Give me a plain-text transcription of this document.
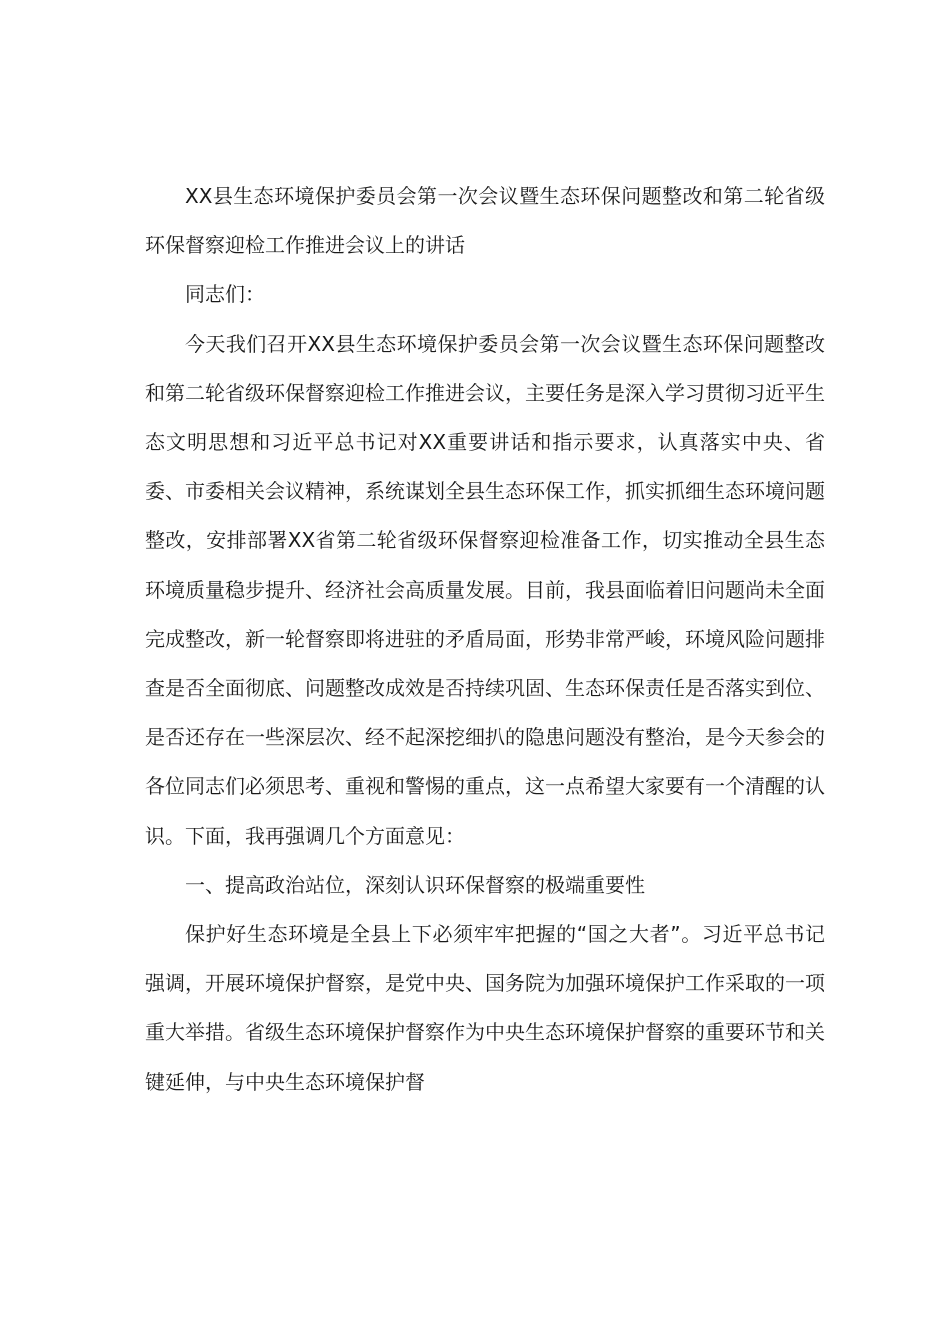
XX县生态环境保护委员会第一次会议暨生态环保问题整改和第二轮省级环保督察迎检工作推进会议上的讲话

同志们：

今天我们召开XX县生态环境保护委员会第一次会议暨生态环保问题整改和第二轮省级环保督察迎检工作推进会议，主要任务是深入学习贯彻习近平生态文明思想和习近平总书记对XX重要讲话和指示要求，认真落实中央、省委、市委相关会议精神，系统谋划全县生态环保工作，抓实抓细生态环境问题整改，安排部署XX省第二轮省级环保督察迎检准备工作，切实推动全县生态环境质量稳步提升、经济社会高质量发展。目前，我县面临着旧问题尚未全面完成整改，新一轮督察即将进驻的矛盾局面，形势非常严峻，环境风险问题排查是否全面彻底、问题整改成效是否持续巩固、生态环保责任是否落实到位、是否还存在一些深层次、经不起深挖细扒的隐患问题没有整治，是今天参会的各位同志们必须思考、重视和警惕的重点，这一点希望大家要有一个清醒的认识。下面，我再强调几个方面意见：

一、提高政治站位，深刻认识环保督察的极端重要性

保护好生态环境是全县上下必须牢牢把握的“国之大者”。习近平总书记强调，开展环境保护督察，是党中央、国务院为加强环境保护工作采取的一项重大举措。省级生态环境保护督察作为中央生态环境保护督察的重要环节和关键延伸，与中央生态环境保护督
